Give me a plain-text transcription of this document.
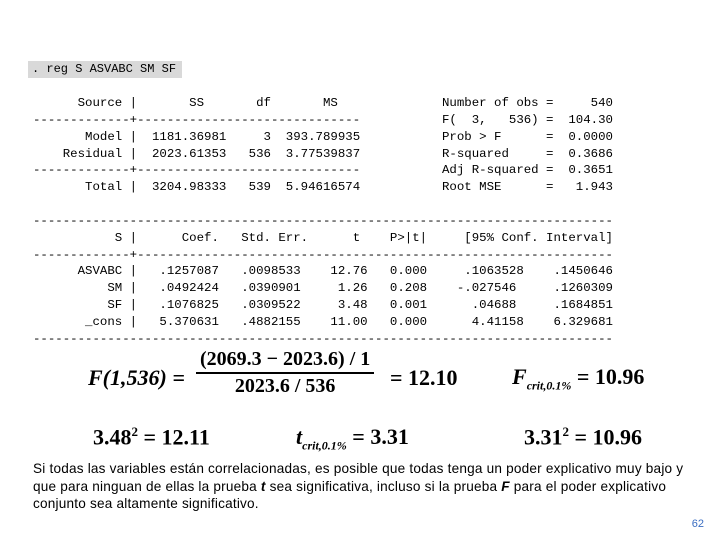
. reg S ASVABC SM SF
Source |       SS       df       MS              Number of obs =     540
-------------+------------------------------           F(  3,   536) =  104.30
Model |  1181.36981     3  393.789935           Prob > F      =  0.0000
Residual |  2023.61353   536  3.77539837           R-squared     =  0.3686
-------------+------------------------------           Adj R-squared =  0.3651
Total |  3204.98333   539  5.94616574           Root MSE      =   1.943

------------------------------------------------------------------------------
S |      Coef.   Std. Err.      t    P>|t|     [95% Conf. Interval]
-------------+----------------------------------------------------------------
ASVABC |   .1257087   .0098533    12.76   0.000     .1063528    .1450646
SM |   .0492424   .0390901     1.26   0.208    -.027546     .1260309
SF |   .1076825   .0309522     3.48   0.001      .04688     .1684851
_cons |   5.370631   .4882155    11.00   0.000      4.41158    6.329681
------------------------------------------------------------------------------
$F(1,536) = \frac{(2069.3 - 2023.6) / 1}{2023.6 / 536} = 12.10$ $F_{crit,0.1\%} = 10.96$
$3.48^2 = 12.11$	$t_{crit,0.1\%} = 3.31$	$3.31^2 = 10.96$
Si todas las variables están correlacionadas, es posible que todas tenga un poder explicativo muy bajo y que para ninguan de ellas la prueba t sea significativa, incluso si la prueba F para el poder explicativo conjunto sea altamente significativo.
62
